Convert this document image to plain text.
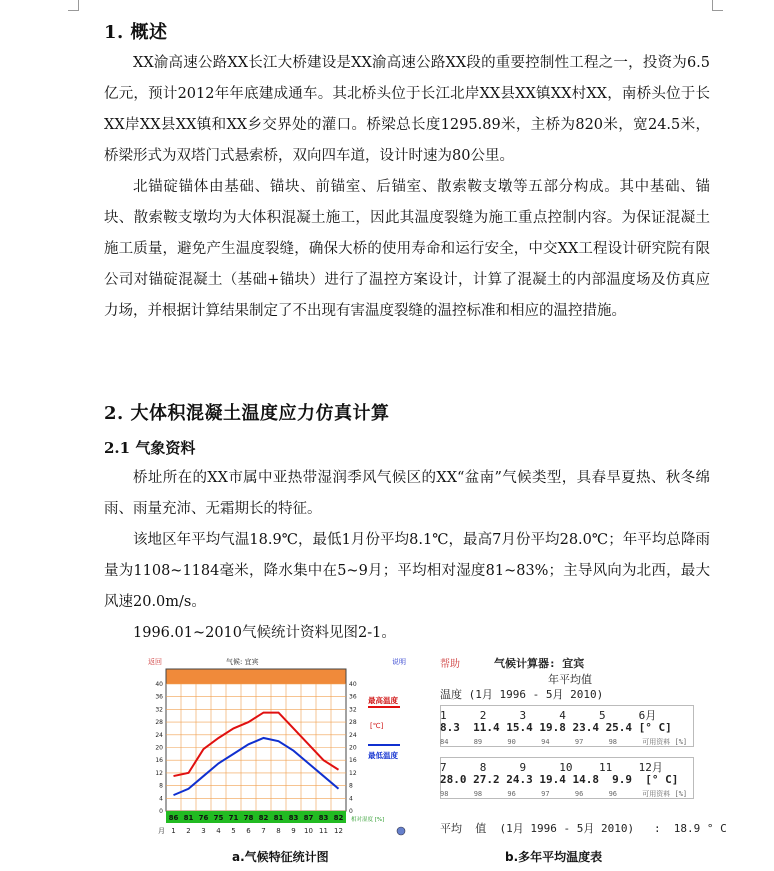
1. 概述

XX渝高速公路XX长江大桥建设是XX渝高速公路XX段的重要控制性工程之一，投资为6.5亿元，预计2012年年底建成通车。其北桥头位于长江北岸XX县XX镇XX村XX，南桥头位于长XX岸XX县XX镇和XX乡交界处的灌口。桥梁总长度1295.89米，主桥为820米，宽24.5米，桥梁形式为双塔门式悬索桥，双向四车道，设计时速为80公里。

北锚碇锚体由基础、锚块、前锚室、后锚室、散索鞍支墩等五部分构成。其中基础、锚块、散索鞍支墩均为大体积混凝土施工，因此其温度裂缝为施工重点控制内容。为保证混凝土施工质量，避免产生温度裂缝，确保大桥的使用寿命和运行安全，中交XX工程设计研究院有限公司对锚碇混凝土（基础+锚块）进行了温控方案设计，计算了混凝土的内部温度场及仿真应力场，并根据计算结果制定了不出现有害温度裂缝的温控标准和相应的温控措施。

2. 大体积混凝土温度应力仿真计算
2.1 气象资料

桥址所在的XX市属中亚热带湿润季风气候区的XX“盆南”气候类型，具春旱夏热、秋冬绵雨、雨量充沛、无霜期长的特征。

该地区年平均气温18.9℃，最低1月份平均8.1℃，最高7月份平均28.0℃；年平均总降雨量为1108~1184毫米，降水集中在5~9月；平均相对湿度81~83%；主导风向为北西，最大风速20.0m/s。

1996.01~2010气候统计资料见图2-1。

返回	气候: 宜宾	说明
0	0
4	4
8	8
12	12
16	16
20	20
24	24
28	28
32	32
36	36
40	40
86 81 76 75 71 78 82 81 83 87 83 82
1 2 3 4 5 6 7 8 9 10 11 12
最高温度
[℃]
最低温度
相对湿度 [%]
月
a.气候特征统计图
帮助	气候计算器: 宜宾
年平均值
温度 (1月 1996 - 5月 2010)
1     2     3     4     5     6月
8.3  11.4 15.4 19.8 23.4 25.4 [° C]
84      89      90      94      97      98      可用资料 [%]
7     8     9     10    11    12月
28.0 27.2 24.3 19.4 14.8  9.9  [° C]
98      98      96      97      96      96      可用资料 [%]
平均  值  (1月 1996 - 5月 2010)   :  18.9 ° C
b.多年平均温度表
